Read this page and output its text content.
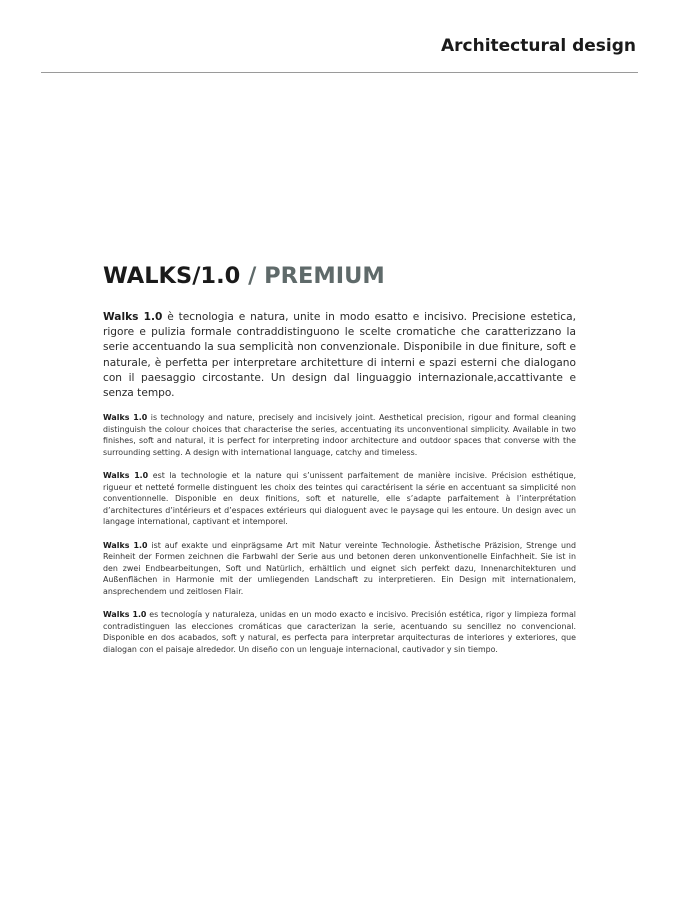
Architectural design
WALKS/1.0 / PREMIUM

Walks 1.0 è tecnologia e natura, unite in modo esatto e incisivo. Precisione estetica, rigore e pulizia formale contraddistinguono le scelte cromatiche che caratterizzano la serie accentuando la sua semplicità non convenzionale. Disponibile in due finiture, soft e naturale, è perfetta per interpretare architetture di interni e spazi esterni che dialogano con il paesaggio circostante. Un design dal linguaggio internazionale,accattivante e senza tempo.

Walks 1.0 is technology and nature, precisely and incisively joint. Aesthetical precision, rigour and formal cleaning distinguish the colour choices that characterise the series, accentuating its unconventional simplicity. Available in two finishes, soft and natural, it is perfect for interpreting indoor architecture and outdoor spaces that converse with the surrounding setting. A design with international language, catchy and timeless.

Walks 1.0 est la technologie et la nature qui s’unissent parfaitement de manière incisive. Précision esthétique, rigueur et netteté formelle distinguent les choix des teintes qui caractérisent la série en accentuant sa simplicité non conventionnelle. Disponible en deux finitions, soft et naturelle, elle s’adapte parfaitement à l’interprétation d’architectures d’intérieurs et d’espaces extérieurs qui dialoguent avec le paysage qui les entoure. Un design avec un langage international, captivant et intemporel.

Walks 1.0 ist auf exakte und einprägsame Art mit Natur vereinte Technologie. Ästhetische Präzision, Strenge und Reinheit der Formen zeichnen die Farbwahl der Serie aus und betonen deren unkonventionelle Einfachheit. Sie ist in den zwei Endbearbeitungen, Soft und Natürlich, erhältlich und eignet sich perfekt dazu, Innenarchitekturen und Außenflächen in Harmonie mit der umliegenden Landschaft zu interpretieren. Ein Design mit internationalem, ansprechendem und zeitlosen Flair.

Walks 1.0 es tecnología y naturaleza, unidas en un modo exacto e incisivo. Precisión estética, rigor y limpieza formal contradistinguen las elecciones cromáticas que caracterizan la serie, acentuando su sencillez no convencional. Disponible en dos acabados, soft y natural, es perfecta para interpretar arquitecturas de interiores y exteriores, que dialogan con el paisaje alrededor. Un diseño con un lenguaje internacional, cautivador y sin tiempo.
